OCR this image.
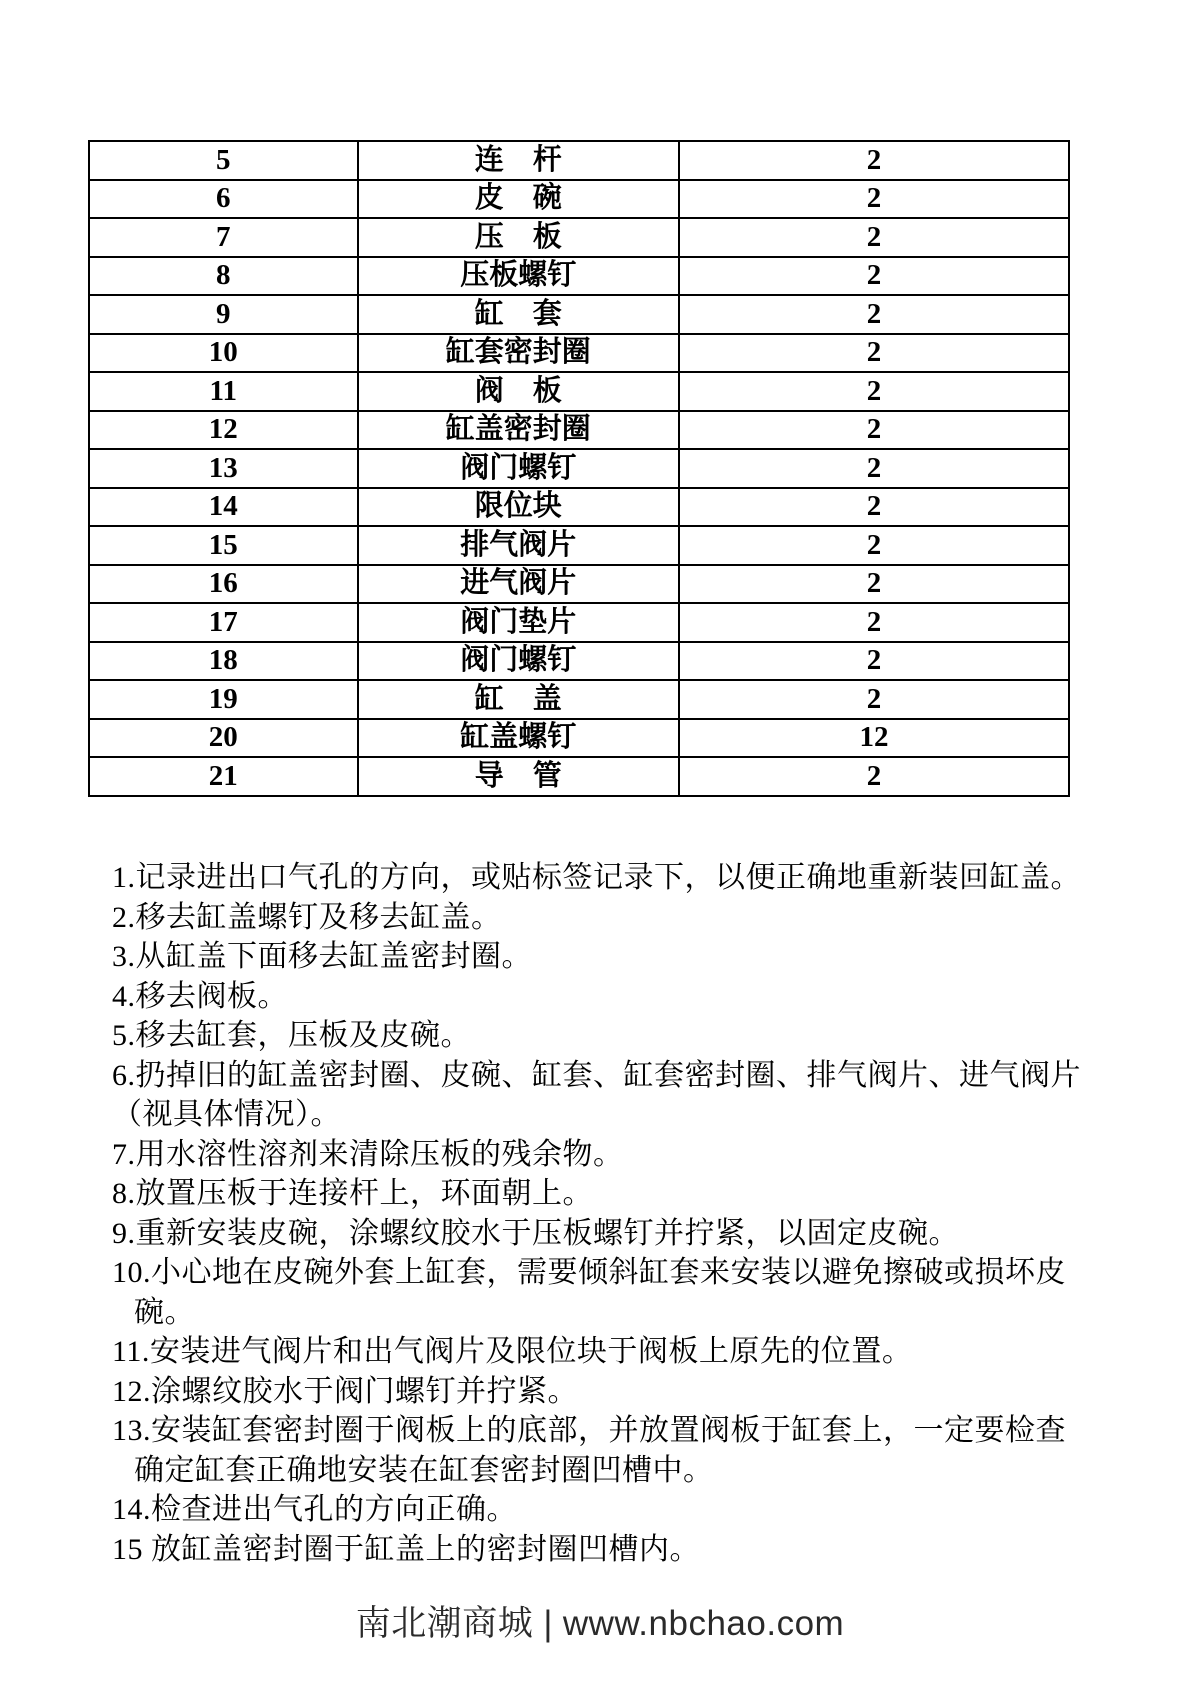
5	连　杆	2
6	皮　碗	2
7	压　板	2
8	压板螺钉	2
9	缸　套	2
10	缸套密封圈	2
11	阀　板	2
12	缸盖密封圈	2
13	阀门螺钉	2
14	限位块	2
15	排气阀片	2
16	进气阀片	2
17	阀门垫片	2
18	阀门螺钉	2
19	缸　盖	2
20	缸盖螺钉	12
21	导　管	2

1.记录进出口气孔的方向，或贴标签记录下，以便正确地重新装回缸盖。

2.移去缸盖螺钉及移去缸盖。

3.从缸盖下面移去缸盖密封圈。

4.移去阀板。

5.移去缸套，压板及皮碗。

6.扔掉旧的缸盖密封圈、皮碗、缸套、缸套密封圈、排气阀片、进气阀片

（视具体情况）。

7.用水溶性溶剂来清除压板的残余物。

8.放置压板于连接杆上，环面朝上。

9.重新安装皮碗，涂螺纹胶水于压板螺钉并拧紧，以固定皮碗。

10.小心地在皮碗外套上缸套，需要倾斜缸套来安装以避免擦破或损坏皮

碗。

11.安装进气阀片和出气阀片及限位块于阀板上原先的位置。

12.涂螺纹胶水于阀门螺钉并拧紧。

13.安装缸套密封圈于阀板上的底部，并放置阀板于缸套上，一定要检查

确定缸套正确地安装在缸套密封圈凹槽中。

14.检查进出气孔的方向正确。

15 放缸盖密封圈于缸盖上的密封圈凹槽内。

南北潮商城 | www.nbchao.com
